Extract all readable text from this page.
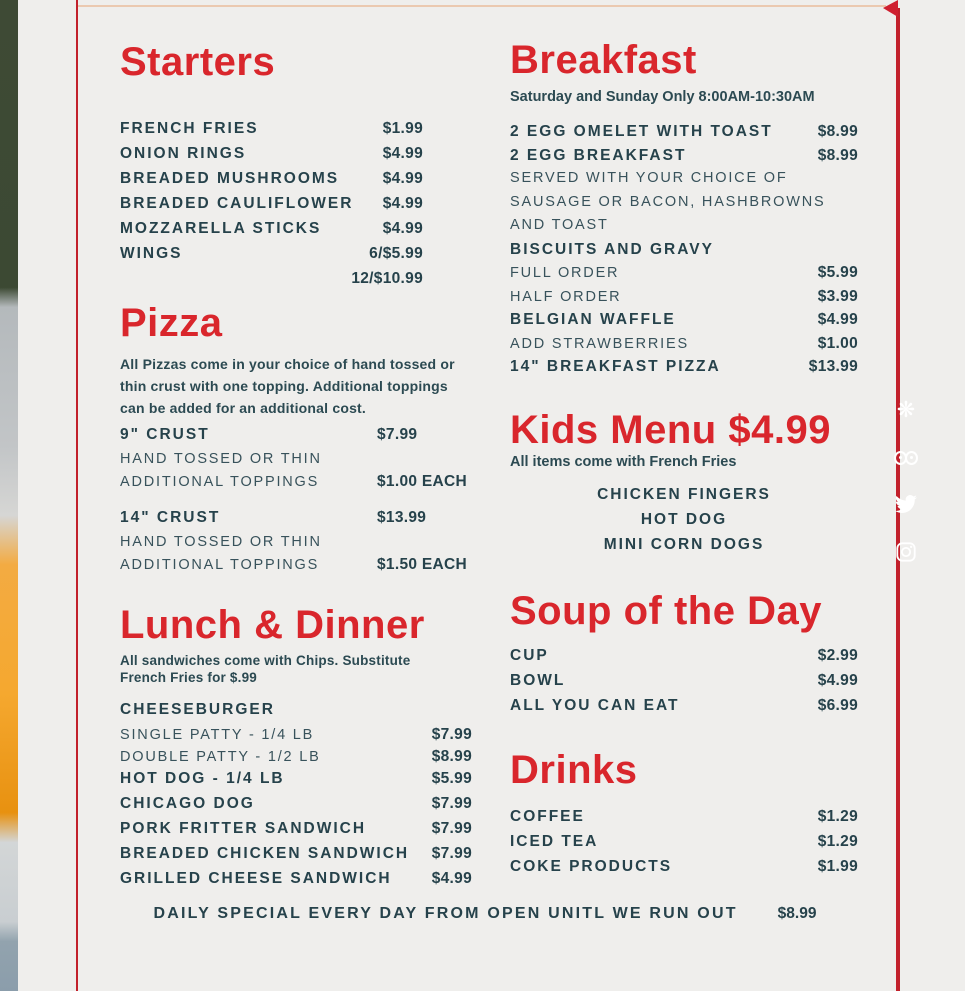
Starters
FRENCH FRIES	$1.99
ONION RINGS	$4.99
BREADED MUSHROOMS	$4.99
BREADED CAULIFLOWER $4.99
MOZZARELLA STICKS	$4.99
WINGS	6/$5.99
12/$10.99
Pizza

All Pizzas come in your choice of hand tossed or thin crust with one topping. Additional toppings can be added for an additional cost.

9" CRUST	$7.99
HAND TOSSED OR THIN
ADDITIONAL TOPPINGS	$1.00 EACH
14" CRUST	$13.99
HAND TOSSED OR THIN
ADDITIONAL TOPPINGS	$1.50 EACH
Lunch & Dinner

All sandwiches come with Chips. Substitute French Fries for $.99

CHEESEBURGER
SINGLE PATTY - 1/4 LB	$7.99
DOUBLE PATTY - 1/2 LB	$8.99
HOT DOG - 1/4 LB	$5.99
CHICAGO DOG	$7.99
PORK FRITTER SANDWICH	$7.99
BREADED CHICKEN SANDWICH $7.99
GRILLED CHEESE SANDWICH	$4.99
Breakfast

Saturday and Sunday Only 8:00AM-10:30AM

2 EGG OMELET WITH TOAST	$8.99
2 EGG BREAKFAST	$8.99
SERVED WITH YOUR CHOICE OF
SAUSAGE OR BACON, HASHBROWNS
AND TOAST
BISCUITS AND GRAVY
FULL ORDER	$5.99
HALF ORDER	$3.99
BELGIAN WAFFLE	$4.99
ADD STRAWBERRIES	$1.00
14" BREAKFAST PIZZA	$13.99
Kids Menu $4.99

All items come with French Fries

CHICKEN FINGERS
HOT DOG
MINI CORN DOGS
Soup of the Day
CUP	$2.99
BOWL	$4.99
ALL YOU CAN EAT	$6.99
Drinks
COFFEE	$1.29
ICED TEA	$1.29
COKE PRODUCTS	$1.99
DAILY SPECIAL EVERY DAY FROM OPEN UNITL WE RUN OUT	$8.99
❋
